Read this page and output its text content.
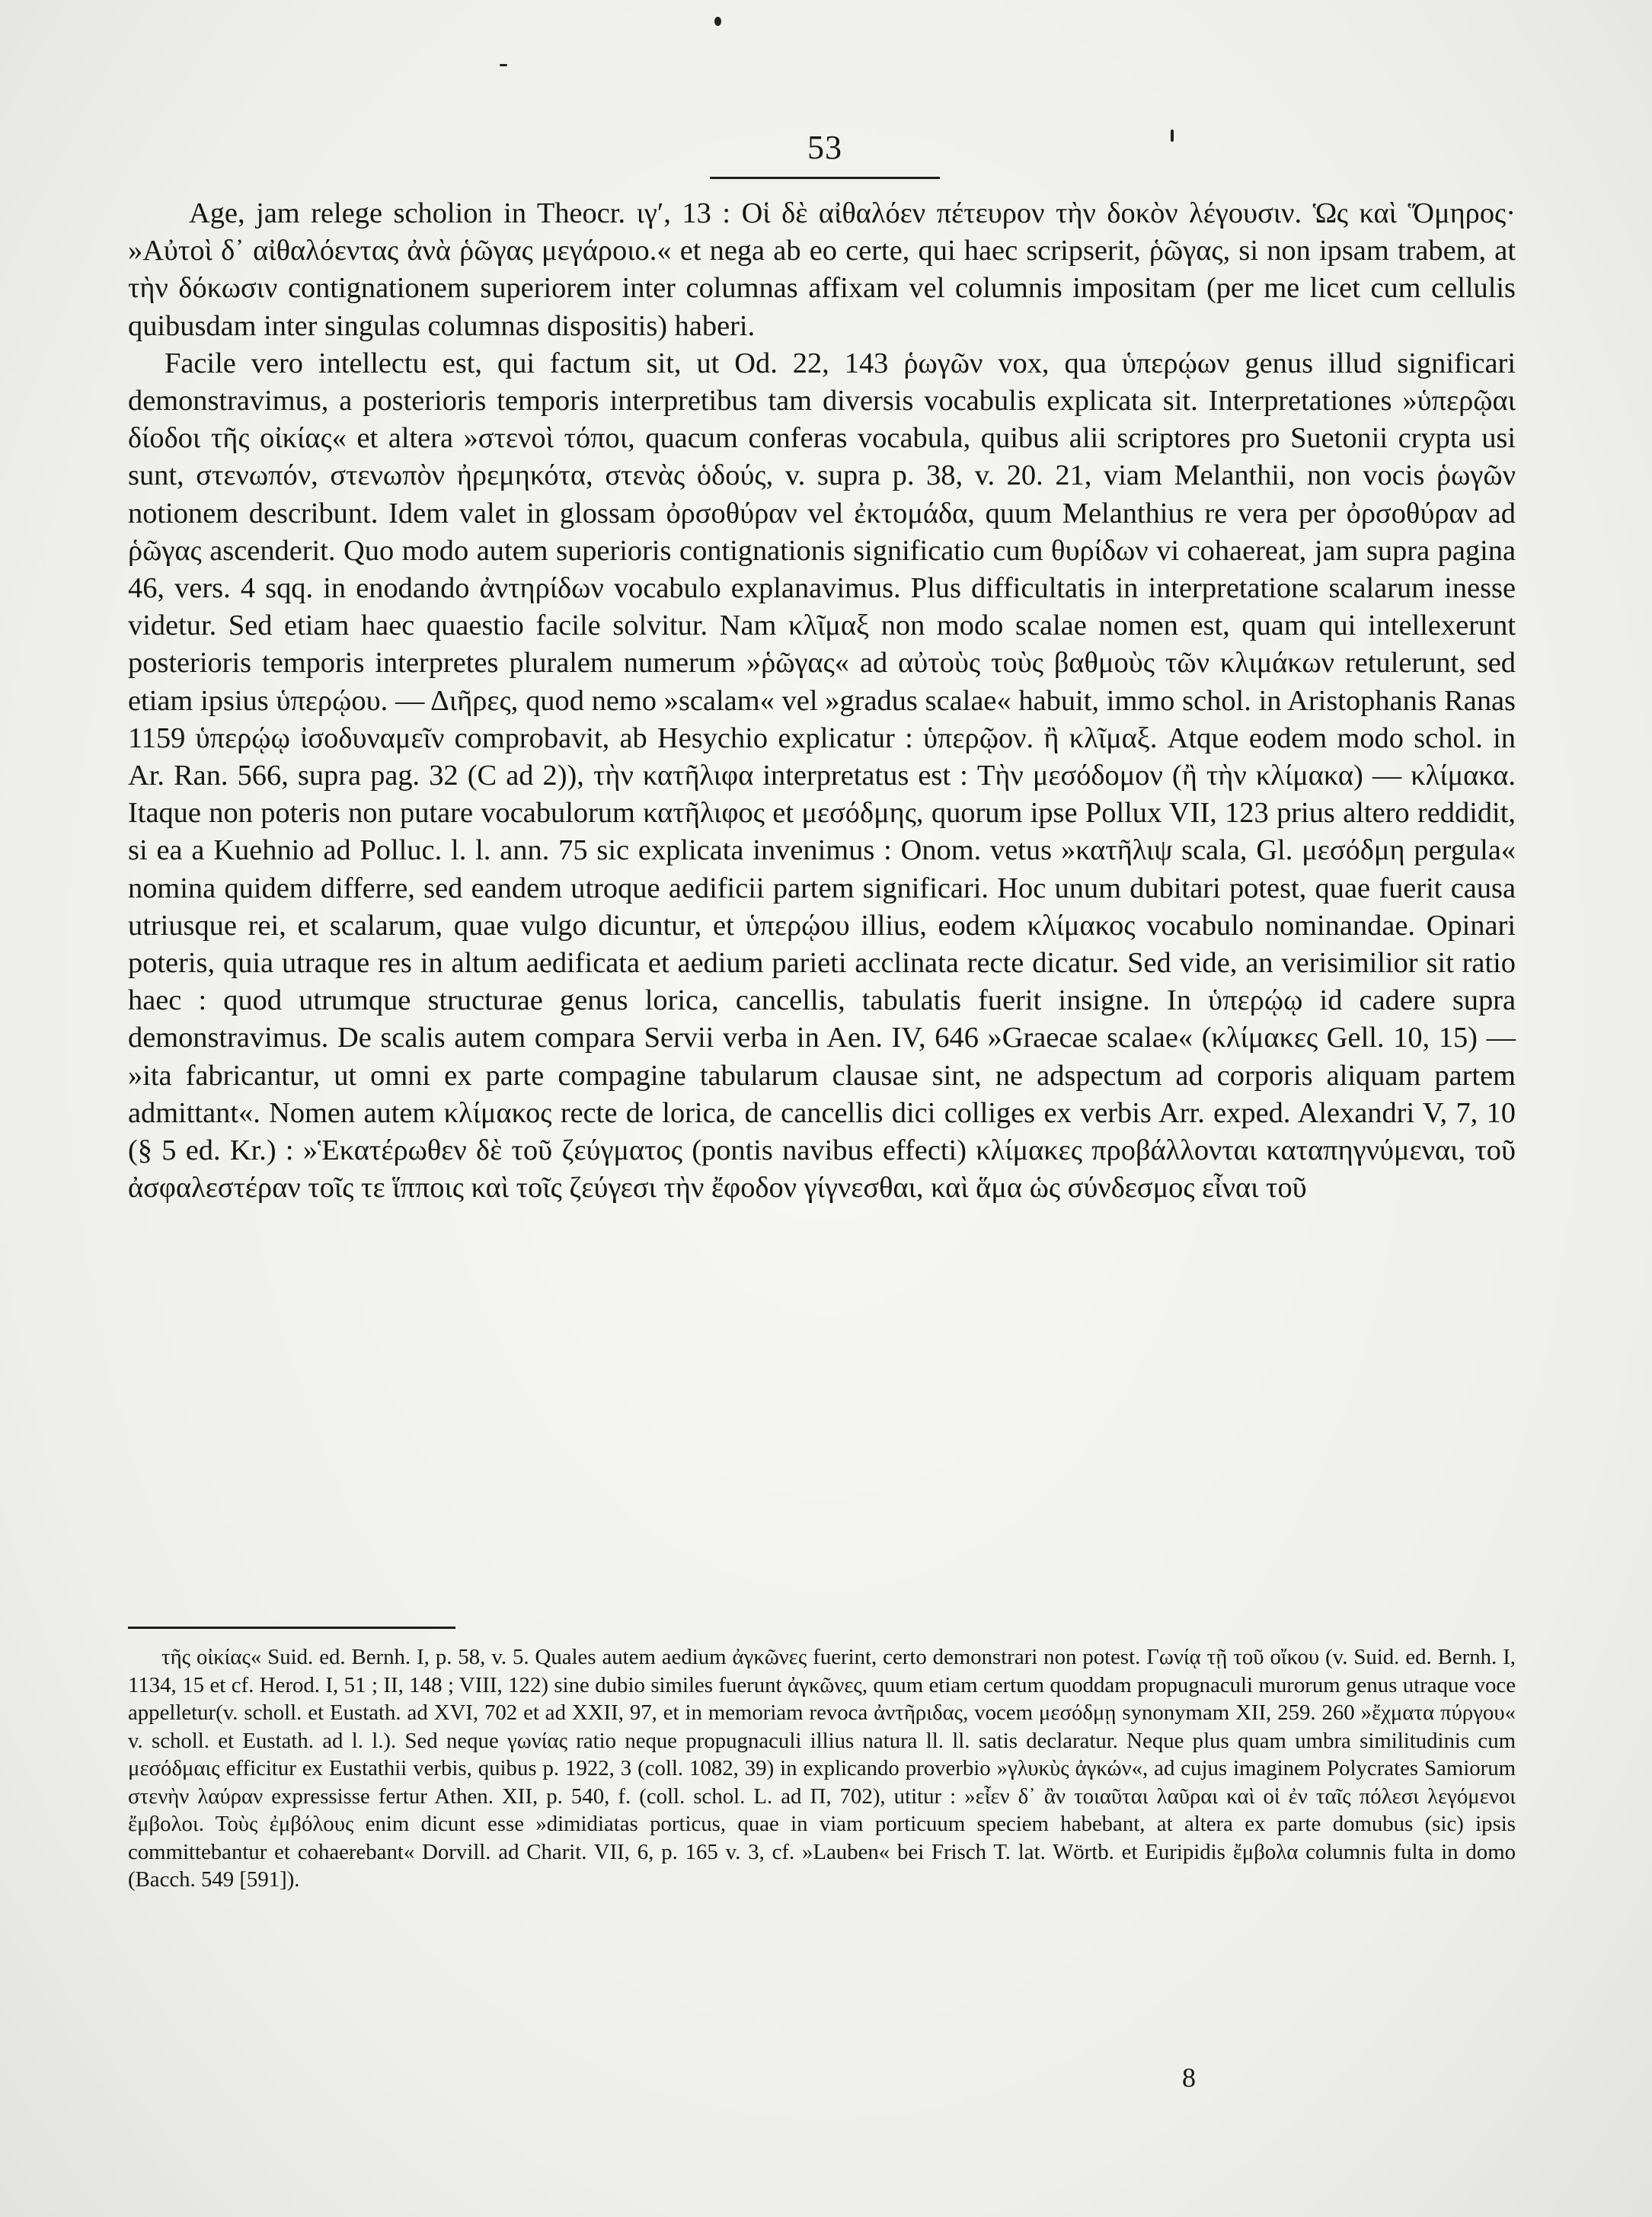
53

Age, jam relege scholion in Theocr. ιγ′, 13 : Οἱ δὲ αἰθαλόεν πέτευρον τὴν δοκὸν λέγουσιν. Ὡς καὶ Ὅμηρος· »Αὐτοὶ δ᾽ αἰθαλόεντας ἀνὰ ῥῶγας μεγάροιο.« et nega ab eo certe, qui haec scripserit, ῥῶγας, si non ipsam trabem, at τὴν δόκωσιν contignationem superiorem inter columnas affixam vel columnis impositam (per me licet cum cellulis quibusdam inter singulas columnas dispositis) haberi.

Facile vero intellectu est, qui factum sit, ut Od. 22, 143 ῥωγῶν vox, qua ὑπερῴων genus illud significari demonstravimus, a posterioris temporis interpretibus tam diversis vocabulis explicata sit. Interpretationes »ὑπερῷαι δίοδοι τῆς οἰκίας« et altera »στενοὶ τόποι, quacum conferas vocabula, quibus alii scriptores pro Suetonii crypta usi sunt, στενωπόν, στενωπὸν ἠρεμηκότα, στενὰς ὁδούς, v. supra p. 38, v. 20. 21, viam Melanthii, non vocis ῥωγῶν notionem describunt. Idem valet in glossam ὀρσοθύραν vel ἐκτομάδα, quum Melanthius re vera per ὀρσοθύραν ad ῥῶγας ascenderit. Quo modo autem superioris contignationis significatio cum θυρίδων vi cohaereat, jam supra pagina 46, vers. 4 sqq. in enodando ἀντηρίδων vocabulo explanavimus. Plus difficultatis in interpretatione scalarum inesse videtur. Sed etiam haec quaestio facile solvitur. Nam κλῖμαξ non modo scalae nomen est, quam qui intellexerunt posterioris temporis interpretes pluralem numerum »ῥῶγας« ad αὐτοὺς τοὺς βαθμοὺς τῶν κλιμάκων retulerunt, sed etiam ipsius ὑπερῴου. — Διῆρες, quod nemo »scalam« vel »gradus scalae« habuit, immo schol. in Aristophanis Ranas 1159 ὑπερῴῳ ἰσοδυναμεῖν comprobavit, ab Hesychio explicatur : ὑπερῷον. ἢ κλῖμαξ. Atque eodem modo schol. in Ar. Ran. 566, supra pag. 32 (C ad 2)), τὴν κατῆλιφα interpretatus est : Τὴν μεσόδομον (ἢ τὴν κλίμακα) — κλίμακα. Itaque non poteris non putare vocabulorum κατῆλιφος et μεσόδμης, quorum ipse Pollux VII, 123 prius altero reddidit, si ea a Kuehnio ad Polluc. l. l. ann. 75 sic explicata invenimus : Onom. vetus »κατῆλιψ scala, Gl. μεσόδμη pergula« nomina quidem differre, sed eandem utroque aedificii partem significari. Hoc unum dubitari potest, quae fuerit causa utriusque rei, et scalarum, quae vulgo dicuntur, et ὑπερῴου illius, eodem κλίμακος vocabulo nominandae. Opinari poteris, quia utraque res in altum aedificata et aedium parieti acclinata recte dicatur. Sed vide, an verisimilior sit ratio haec : quod utrumque structurae genus lorica, cancellis, tabulatis fuerit insigne. In ὑπερῴῳ id cadere supra demonstravimus. De scalis autem compara Servii verba in Aen. IV, 646 »Graecae scalae« (κλίμακες Gell. 10, 15) — »ita fabricantur, ut omni ex parte compagine tabularum clausae sint, ne adspectum ad corporis aliquam partem admittant«. Nomen autem κλίμακος recte de lorica, de cancellis dici colliges ex verbis Arr. exped. Alexandri V, 7, 10 (§ 5 ed. Kr.) : »Ἑκατέρωθεν δὲ τοῦ ζεύγματος (pontis navibus effecti) κλίμακες προβάλλονται καταπηγνύμεναι, τοῦ ἀσφαλεστέραν τοῖς τε ἵπποις καὶ τοῖς ζεύγεσι τὴν ἔφοδον γίγνεσθαι, καὶ ἅμα ὡς σύνδεσμος εἶναι τοῦ

τῆς οἰκίας« Suid. ed. Bernh. I, p. 58, v. 5. Quales autem aedium ἀγκῶνες fuerint, certo demonstrari non potest. Γωνίᾳ τῇ τοῦ οἴκου (v. Suid. ed. Bernh. I, 1134, 15 et cf. Herod. I, 51 ; II, 148 ; VIII, 122) sine dubio similes fuerunt ἀγκῶνες, quum etiam certum quoddam propugnaculi murorum genus utraque voce appelletur(v. scholl. et Eustath. ad XVI, 702 et ad XXII, 97, et in memoriam revoca ἀντῆριδας, vocem μεσόδμῃ synonymam XII, 259. 260 »ἔχματα πύργου« v. scholl. et Eustath. ad l. l.). Sed neque γωνίας ratio neque propugnaculi illius natura ll. ll. satis declaratur. Neque plus quam umbra similitudinis cum μεσόδμαις efficitur ex Eustathii verbis, quibus p. 1922, 3 (coll. 1082, 39) in explicando proverbio »γλυκὺς ἀγκών«, ad cujus imaginem Polycrates Samiorum στενὴν λαύραν expressisse fertur Athen. XII, p. 540, f. (coll. schol. L. ad Π, 702), utitur : »εἶεν δ᾽ ἂν τοιαῦται λαῦραι καὶ οἱ ἐν ταῖς πόλεσι λεγόμενοι ἔμβολοι. Τοὺς ἐμβόλους enim dicunt esse »dimidiatas porticus, quae in viam porticuum speciem habebant, at altera ex parte domubus (sic) ipsis committebantur et cohaerebant« Dorvill. ad Charit. VII, 6, p. 165 v. 3, cf. »Lauben« bei Frisch T. lat. Wörtb. et Euripidis ἔμβολα columnis fulta in domo (Bacch. 549 [591]).

8
